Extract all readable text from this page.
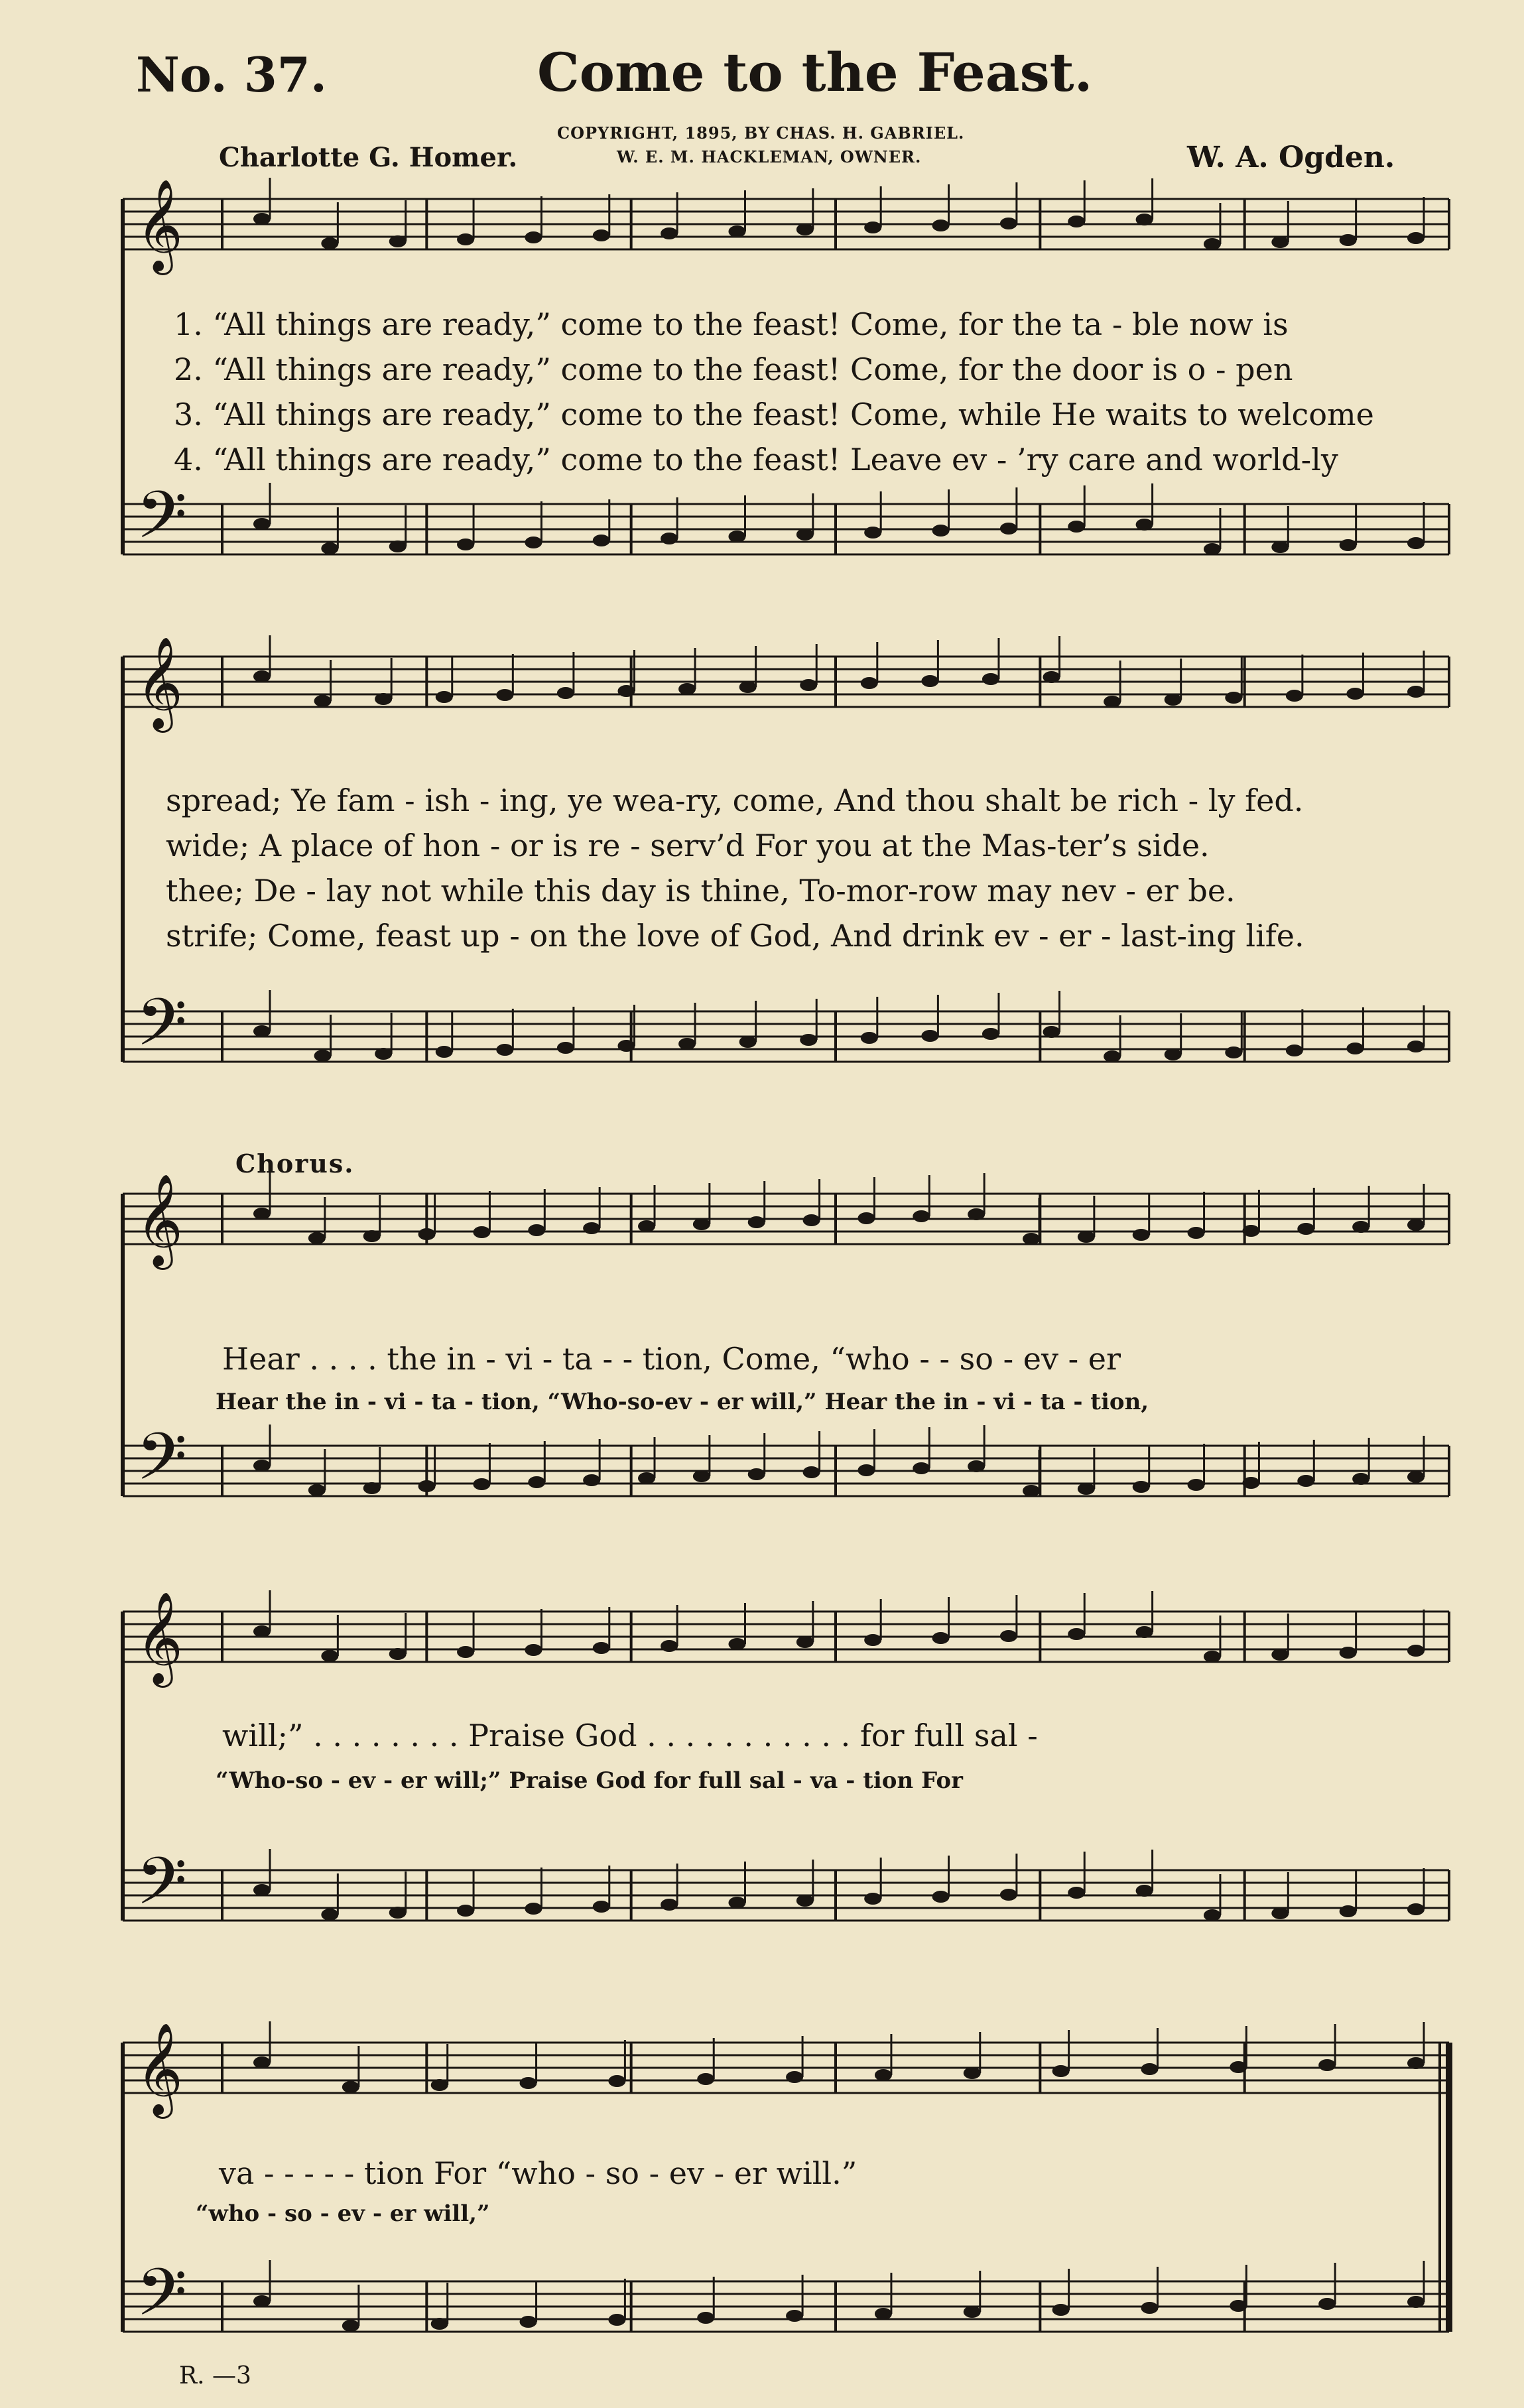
No. 37.	Come to the Feast.
COPYRIGHT, 1895, BY CHAS. H. GABRIEL.
W. E. M. HACKLEMAN, OWNER.
Charlotte G. Homer.	W. A. Ogden.
𝄞
𝄢
𝄞
𝄢
𝄞
𝄢
𝄞
𝄢
𝄞
𝄢
1. “All things are ready,” come to the feast! Come, for the ta - ble now is
2. “All things are ready,” come to the feast! Come, for the door is o - pen
3. “All things are ready,” come to the feast! Come, while He waits to welcome
4. “All things are ready,” come to the feast! Leave ev - ’ry care and world-ly
spread; Ye fam - ish - ing, ye wea-ry, come, And thou shalt be rich - ly fed.
wide; A place of hon - or is re - serv’d For you at the Mas-ter’s side.
thee; De - lay not while this day is thine, To-mor-row may nev - er be.
strife; Come, feast up - on the love of God, And drink ev - er - last-ing life.
Chorus.
Hear . . . . the in - vi - ta - - tion, Come, “who - - so - ev - er
Hear the in - vi - ta - tion, “Who-so-ev - er will,” Hear the in - vi - ta - tion,
will;” . . . . . . . . Praise God . . . . . . . . . . . for full sal -
“Who-so - ev - er will;” Praise God for full sal - va - tion For
va - - - - - tion For “who - so - ev - er will.”
“who - so - ev - er will,”
R. —3
